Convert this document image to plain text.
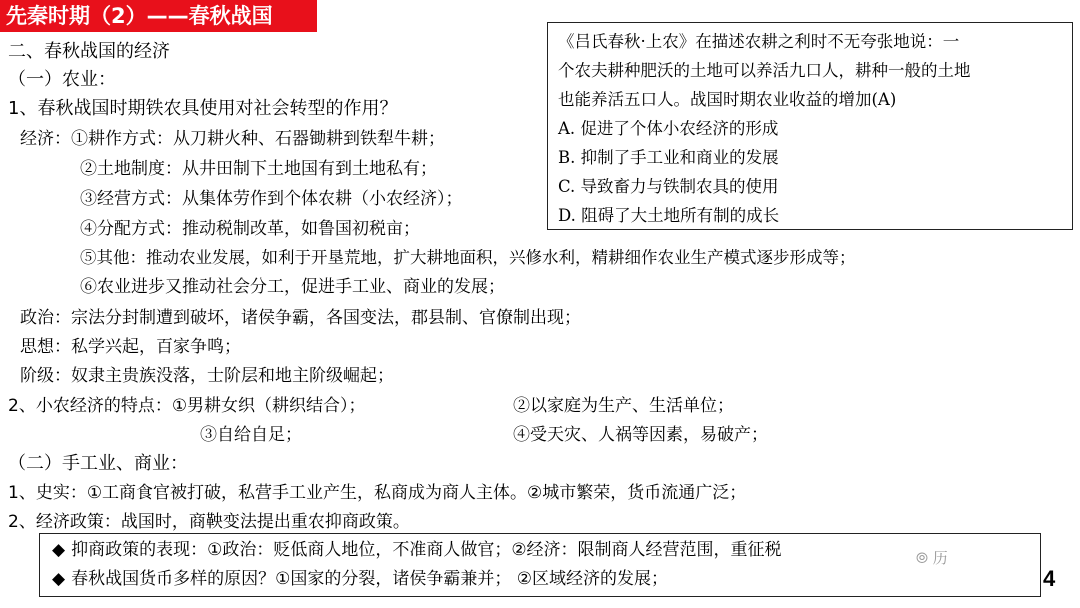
先秦时期（2）——春秋战国
二、春秋战国的经济
（一）农业：
1、春秋战国时期铁农具使用对社会转型的作用？
经济：①耕作方式：从刀耕火种、石器锄耕到铁犁牛耕；
②土地制度：从井田制下土地国有到土地私有；
③经营方式：从集体劳作到个体农耕（小农经济）；
④分配方式：推动税制改革，如鲁国初税亩；
⑤其他：推动农业发展，如利于开垦荒地，扩大耕地面积，兴修水利，精耕细作农业生产模式逐步形成等；
⑥农业进步又推动社会分工，促进手工业、商业的发展；
政治：宗法分封制遭到破坏，诸侯争霸，各国变法，郡县制、官僚制出现；
思想：私学兴起，百家争鸣；
阶级：奴隶主贵族没落，士阶层和地主阶级崛起；
2、小农经济的特点：①男耕女织（耕织结合）；	②以家庭为生产、生活单位；
③自给自足；	④受天灾、人祸等因素，易破产；
（二）手工业、商业：
1、史实：①工商食官被打破，私营手工业产生，私商成为商人主体。②城市繁荣，货币流通广泛；
2、经济政策：战国时，商鞅变法提出重农抑商政策。
《吕氏春秋·上农》在描述农耕之利时不无夸张地说：一
个农夫耕种肥沃的土地可以养活九口人，耕种一般的土地
也能养活五口人。战国时期农业收益的增加(A)
A. 促进了个体小农经济的形成
B. 抑制了手工业和商业的发展
C. 导致畜力与铁制农具的使用
D. 阻碍了大土地所有制的成长
◆ 抑商政策的表现：①政治：贬低商人地位，不准商人做官；②经济：限制商人经营范围，重征税
◆ 春秋战国货币多样的原因？①国家的分裂，诸侯争霸兼并； ②区域经济的发展；
⦾ 历
4
